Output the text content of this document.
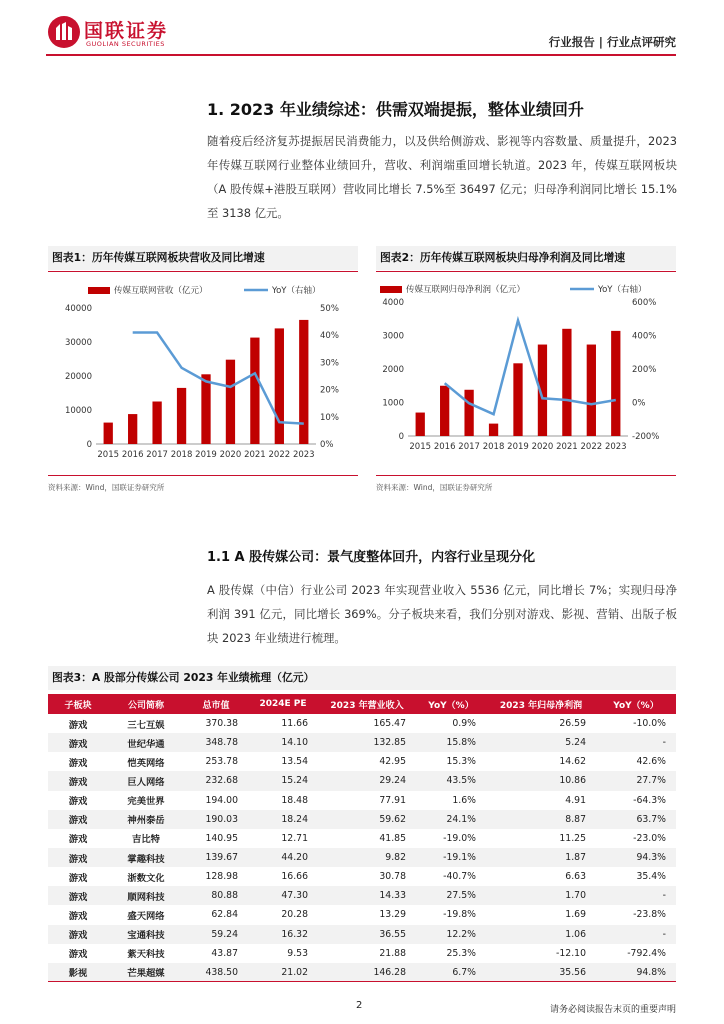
国联证券
GUOLIAN SECURITIES	行业报告 | 行业点评研究
1. 2023 年业绩综述：供需双端提振，整体业绩回升
随着疫后经济复苏提振居民消费能力，以及供给侧游戏、影视等内容数量、质量提升，2023 年传媒互联网行业整体业绩回升，营收、利润端重回增长轨道。2023 年，传媒互联网板块（A 股传媒+港股互联网）营收同比增长 7.5%至 36497 亿元；归母净利润同比增长 15.1%至 3138 亿元。
图表1：历年传媒互联网板块营收及同比增速
传媒互联网营收（亿元）	YoY（右轴）
0
10000
20000
30000
40000
0%
10%
20%
30%
40%
50%
2015 2016 2017 2018 2019 2020 2021 2022 2023
资料来源：Wind，国联证券研究所
图表2：历年传媒互联网板块归母净利润及同比增速
传媒互联网归母净利润（亿元）	YoY（右轴）
0
1000
2000
3000
4000
-200%
0%
200%
400%
600%
2015 2016 2017 2018 2019 2020 2021 2022 2023
资料来源：Wind，国联证券研究所
1.1 A 股传媒公司：景气度整体回升，内容行业呈现分化
A 股传媒（中信）行业公司 2023 年实现营业收入 5536 亿元，同比增长 7%；实现归母净利润 391 亿元，同比增长 369%。分子板块来看，我们分别对游戏、影视、营销、出版子板块 2023 年业绩进行梳理。
图表3：A 股部分传媒公司 2023 年业绩梳理（亿元）
子板块	公司简称	总市值	2024E PE	2023 年营业收入	YoY（%）	2023 年归母净利润	YoY（%）
游戏	三七互娱	370.38	11.66	165.47	0.9%	26.59	-10.0%
游戏	世纪华通	348.78	14.10	132.85	15.8%	5.24	-
游戏	恺英网络	253.78	13.54	42.95	15.3%	14.62	42.6%
游戏	巨人网络	232.68	15.24	29.24	43.5%	10.86	27.7%
游戏	完美世界	194.00	18.48	77.91	1.6%	4.91	-64.3%
游戏	神州泰岳	190.03	18.24	59.62	24.1%	8.87	63.7%
游戏	吉比特	140.95	12.71	41.85	-19.0%	11.25	-23.0%
游戏	掌趣科技	139.67	44.20	9.82	-19.1%	1.87	94.3%
游戏	浙数文化	128.98	16.66	30.78	-40.7%	6.63	35.4%
游戏	顺网科技	80.88	47.30	14.33	27.5%	1.70	-
游戏	盛天网络	62.84	20.28	13.29	-19.8%	1.69	-23.8%
游戏	宝通科技	59.24	16.32	36.55	12.2%	1.06	-
游戏	紫天科技	43.87	9.53	21.88	25.3%	-12.10	-792.4%
影视	芒果超媒	438.50	21.02	146.28	6.7%	35.56	94.8%
2	请务必阅读报告末页的重要声明
